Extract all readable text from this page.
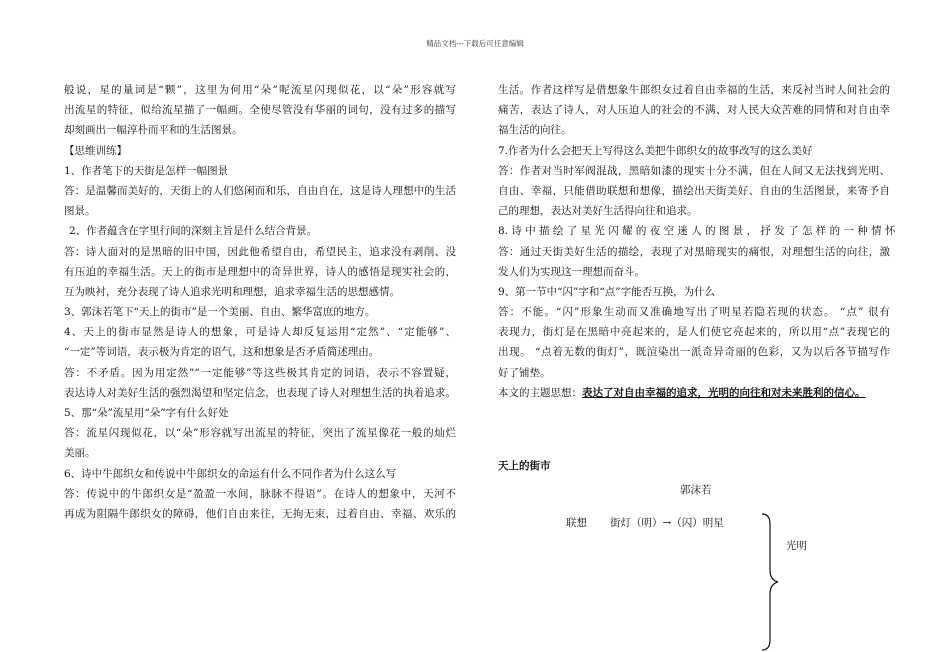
精品文档---下载后可任意编辑
般说，星的量词是“颗”，这里为何用“朵”呢流星闪现似花，以“朵”形容就写
出流星的特征，似给流星描了一幅画。全使尽管没有华丽的词句，没有过多的描写
却刻画出一幅淳朴而平和的生活图景。
【思维训练】
1、作者笔下的天街是怎样一幅图景
答：是温馨而美好的，天街上的人们悠闲而和乐，自由自在，这是诗人理想中的生活
图景。
2、作者蕴含在字里行间的深刻主旨是什么结合背景。
答：诗人面对的是黑暗的旧中国，因此他希望自由，希望民主，追求没有剥削、没
有压迫的幸福生活。天上的街市是理想中的奇异世界，诗人的感悟是现实社会的，
互为映衬，充分表现了诗人追求光明和理想，追求幸福生活的思想感情。
3、郭沫若笔下“天上的街市”是一个美丽、自由、繁华富庶的地方。
4、天上的街市显然是诗人的想象，可是诗人却反复运用“定然”、“定能够”、
“一定”等词语，表示极为肯定的语气，这和想象是否矛盾简述理由。
答：不矛盾。因为用定然”“一定能够”等这些极其肯定的词语，表示不容置疑，
表达诗人对美好生活的强烈渴望和坚定信念，也表现了诗人对理想生活的执着追求。
5、那“朵”流星用“朵”字有什么好处
答：流星闪现似花，以“朵”形容就写出流星的特征，突出了流星像花一般的灿烂
美丽。
6、诗中牛郎织女和传说中牛郎织女的命运有什么不同作者为什么这么写
答：传说中的牛郎织女是“盈盈一水间，脉脉不得语”。在诗人的想象中，天河不
再成为阻隔牛郎织女的障碍，他们自由来往，无拘无束，过着自由、幸福、欢乐的
生活。作者这样写是借想象牛郎织女过着自由幸福的生活，来反衬当时人间社会的
痛苦，表达了诗人，对人压迫人的社会的不满、对人民大众苦难的同情和对自由幸
福生活的向往。
7.作者为什么会把天上写得这么美把牛郎织女的故事改写的这么美好
答：作者对当时军阀混战，黑暗如漆的现实十分不满，但在人间又无法找到光明、
自由、幸福，只能借助联想和想像，描绘出天街美好、自由的生活图景，来寄予自
己的理想，表达对美好生活得向往和追求。
8. 诗 中 描 绘 了 星 光 闪 耀 的 夜 空 迷 人 的 图 景 ， 抒 发 了 怎 样 的 一 种 情 怀
答：通过天街美好生活的描绘，表现了对黑暗现实的痛恨，对理想生活的向往，激
发人们为实现这一理想而奋斗。
9、第一节中“闪”字和“点”字能否互换，为什么
答：不能。“闪”形象生动而又准确地写出了明星若隐若现的状态。 “点” 很有
表现力，街灯是在黑暗中亮起来的，是人们使它亮起来的，所以用“点”表现它的
出现。 “点着无数的街灯”，既渲染出一派奇异奇丽的色彩，又为以后各节描写作
好了铺垫。
本文的主题思想：表达了对自由幸福的追求，光明的向往和对未来胜利的信心。
天上的街市
郭沫若
联想 街灯（明）→（闪）明星
光明
